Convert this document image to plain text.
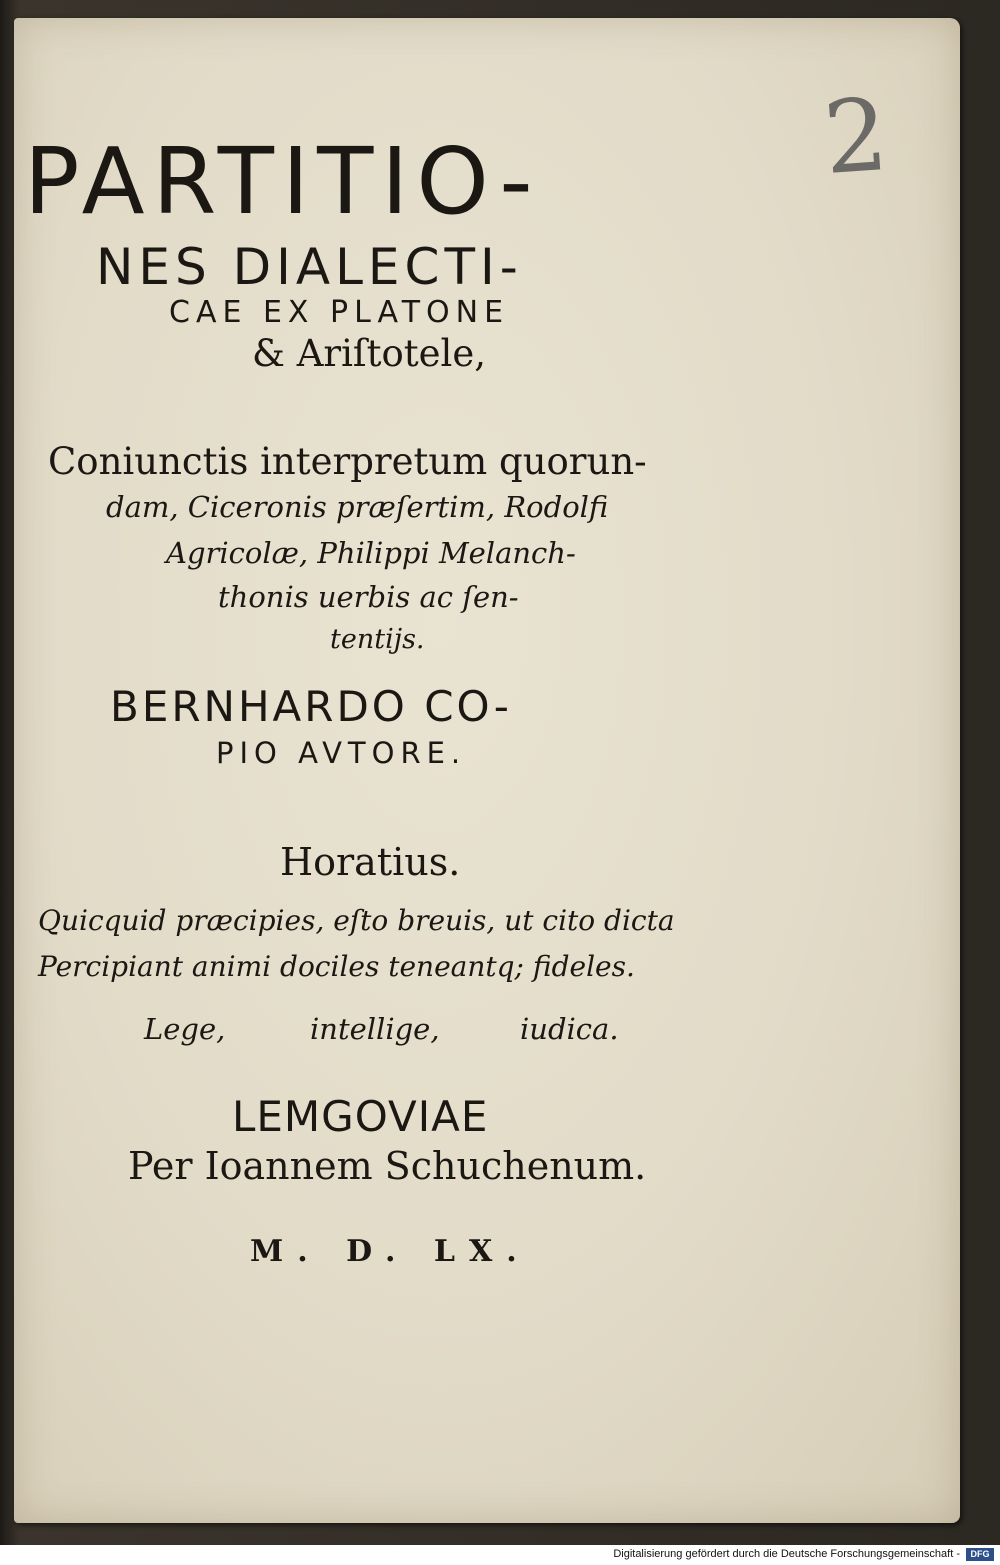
2
PARTITIO-
NES DIALECTI-
CAE EX PLATONE
& Ariſtotele,
Coniunctis interpretum quorun-
dam, Ciceronis præſertim, Rodolfi
Agricolæ, Philippi Melanch-
thonis uerbis ac ſen-
tentijs.
BERNHARDO CO-
PIO AVTORE.
Horatius.
Quicquid præcipies, eſto breuis, ut cito dicta
Percipiant animi dociles teneantq; fideles.
Lege,	intellige,	iudica.
LEMGOVIAE
Per Ioannem Schuchenum.
M. D. LX.
Digitalisierung gefördert durch die Deutsche Forschungsgemeinschaft -	DFG
